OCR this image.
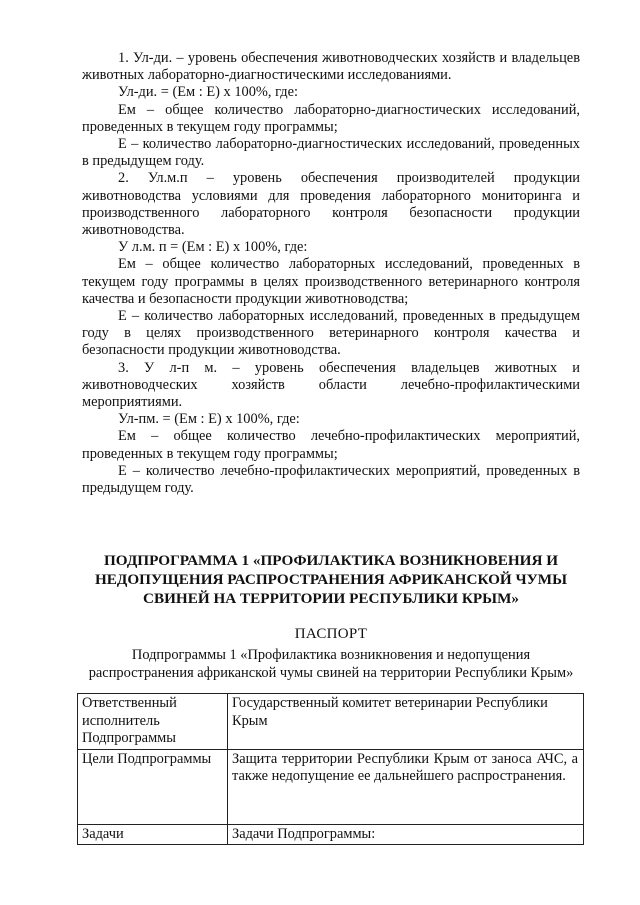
1. Ул-ди. – уровень обеспечения животноводческих хозяйств и владельцев животных лабораторно-диагностическими исследованиями.

Ул-ди. = (Ем : Е) х 100%, где:

Ем – общее количество лабораторно-диагностических исследований, проведенных в текущем году программы;

Е – количество лабораторно-диагностических исследований, проведенных в предыдущем году.

2. Ул.м.п – уровень обеспечения производителей продукции животноводства условиями для проведения лабораторного мониторинга и производственного лабораторного контроля безопасности продукции животноводства.

У л.м. п = (Ем : Е) х 100%, где:

Ем – общее количество лабораторных исследований, проведенных в текущем году программы в целях производственного ветеринарного контроля качества и безопасности продукции животноводства;

Е – количество лабораторных исследований, проведенных в предыдущем году в целях производственного ветеринарного контроля качества и безопасности продукции животноводства.

3. У л-п м. – уровень обеспечения владельцев животных и животноводческих хозяйств области лечебно-профилактическими мероприятиями.

Ул-пм. = (Ем : Е) х 100%, где:

Ем – общее количество лечебно-профилактических мероприятий, проведенных в текущем году программы;

Е – количество лечебно-профилактических мероприятий, проведенных в предыдущем году.

ПОДПРОГРАММА 1 «ПРОФИЛАКТИКА ВОЗНИКНОВЕНИЯ И НЕДОПУЩЕНИЯ РАСПРОСТРАНЕНИЯ АФРИКАНСКОЙ ЧУМЫ СВИНЕЙ НА ТЕРРИТОРИИ РЕСПУБЛИКИ КРЫМ»
ПАСПОРТ
Подпрограммы 1 «Профилактика возникновения и недопущения распространения африканской чумы свиней на территории Республики Крым»
Ответственный исполнитель Подпрограммы	Государственный комитет ветеринарии Республики Крым
Цели Подпрограммы	Защита территории Республики Крым от заноса АЧС, а также недопущение ее дальнейшего распространения.
Задачи	Задачи Подпрограммы:
